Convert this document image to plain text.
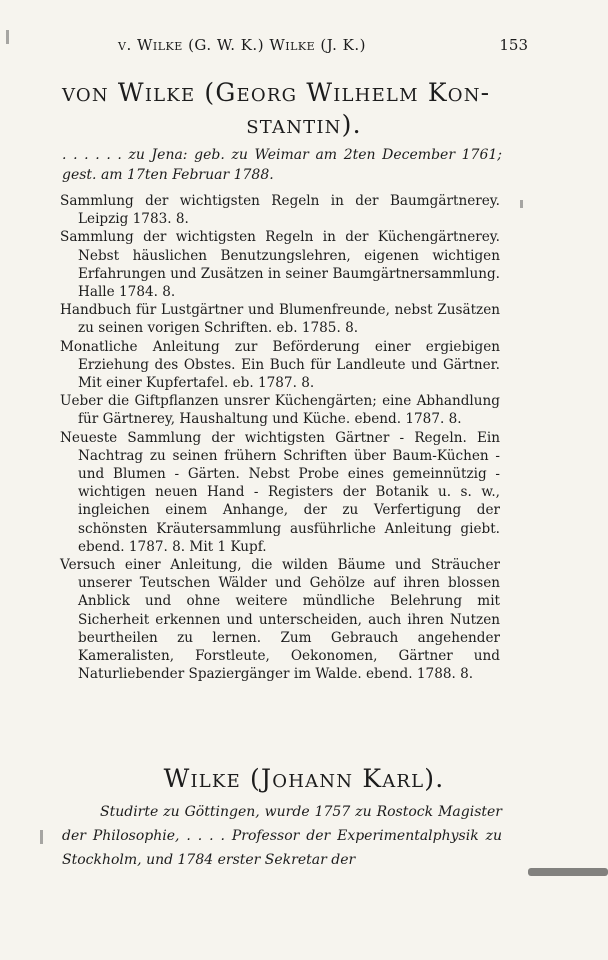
v. Wilke (G. W. K.) Wilke (J. K.)	153
von Wilke (Georg Wilhelm Kon-
stantin).

. . . . . . zu Jena: geb. zu Weimar am 2ten December 1761; gest. am 17ten Februar 1788.

Sammlung der wichtigsten Regeln in der Baumgärtnerey. Leipzig 1783. 8.

Sammlung der wichtigsten Regeln in der Küchengärtnerey. Nebst häuslichen Benutzungslehren, eigenen wichtigen Erfahrungen und Zusätzen in seiner Baumgärtnersammlung. Halle 1784. 8.

Handbuch für Lustgärtner und Blumenfreunde, nebst Zusätzen zu seinen vorigen Schriften. eb. 1785. 8.

Monatliche Anleitung zur Beförderung einer ergiebigen Erziehung des Obstes. Ein Buch für Landleute und Gärtner. Mit einer Kupfertafel. eb. 1787. 8.

Ueber die Giftpflanzen unsrer Küchengärten; eine Abhandlung für Gärtnerey, Haushaltung und Küche. ebend. 1787. 8.

Neueste Sammlung der wichtigsten Gärtner - Regeln. Ein Nachtrag zu seinen frühern Schriften über Baum-Küchen - und Blumen - Gärten. Nebst Probe eines gemeinnützig - wichtigen neuen Hand - Registers der Botanik u. s. w., ingleichen einem Anhange, der zu Verfertigung der schönsten Kräutersammlung ausführliche Anleitung giebt. ebend. 1787. 8. Mit 1 Kupf.

Versuch einer Anleitung, die wilden Bäume und Sträucher unserer Teutschen Wälder und Gehölze auf ihren blossen Anblick und ohne weitere mündliche Belehrung mit Sicherheit erkennen und unterscheiden, auch ihren Nutzen beurtheilen zu lernen. Zum Gebrauch angehender Kameralisten, Forstleute, Oekonomen, Gärtner und Naturliebender Spaziergänger im Walde. ebend. 1788. 8.

Wilke (Johann Karl).

Studirte zu Göttingen, wurde 1757 zu Rostock Magister der Philosophie, . . . . Professor der Experimentalphysik zu Stockholm, und 1784 erster Sekretar der
